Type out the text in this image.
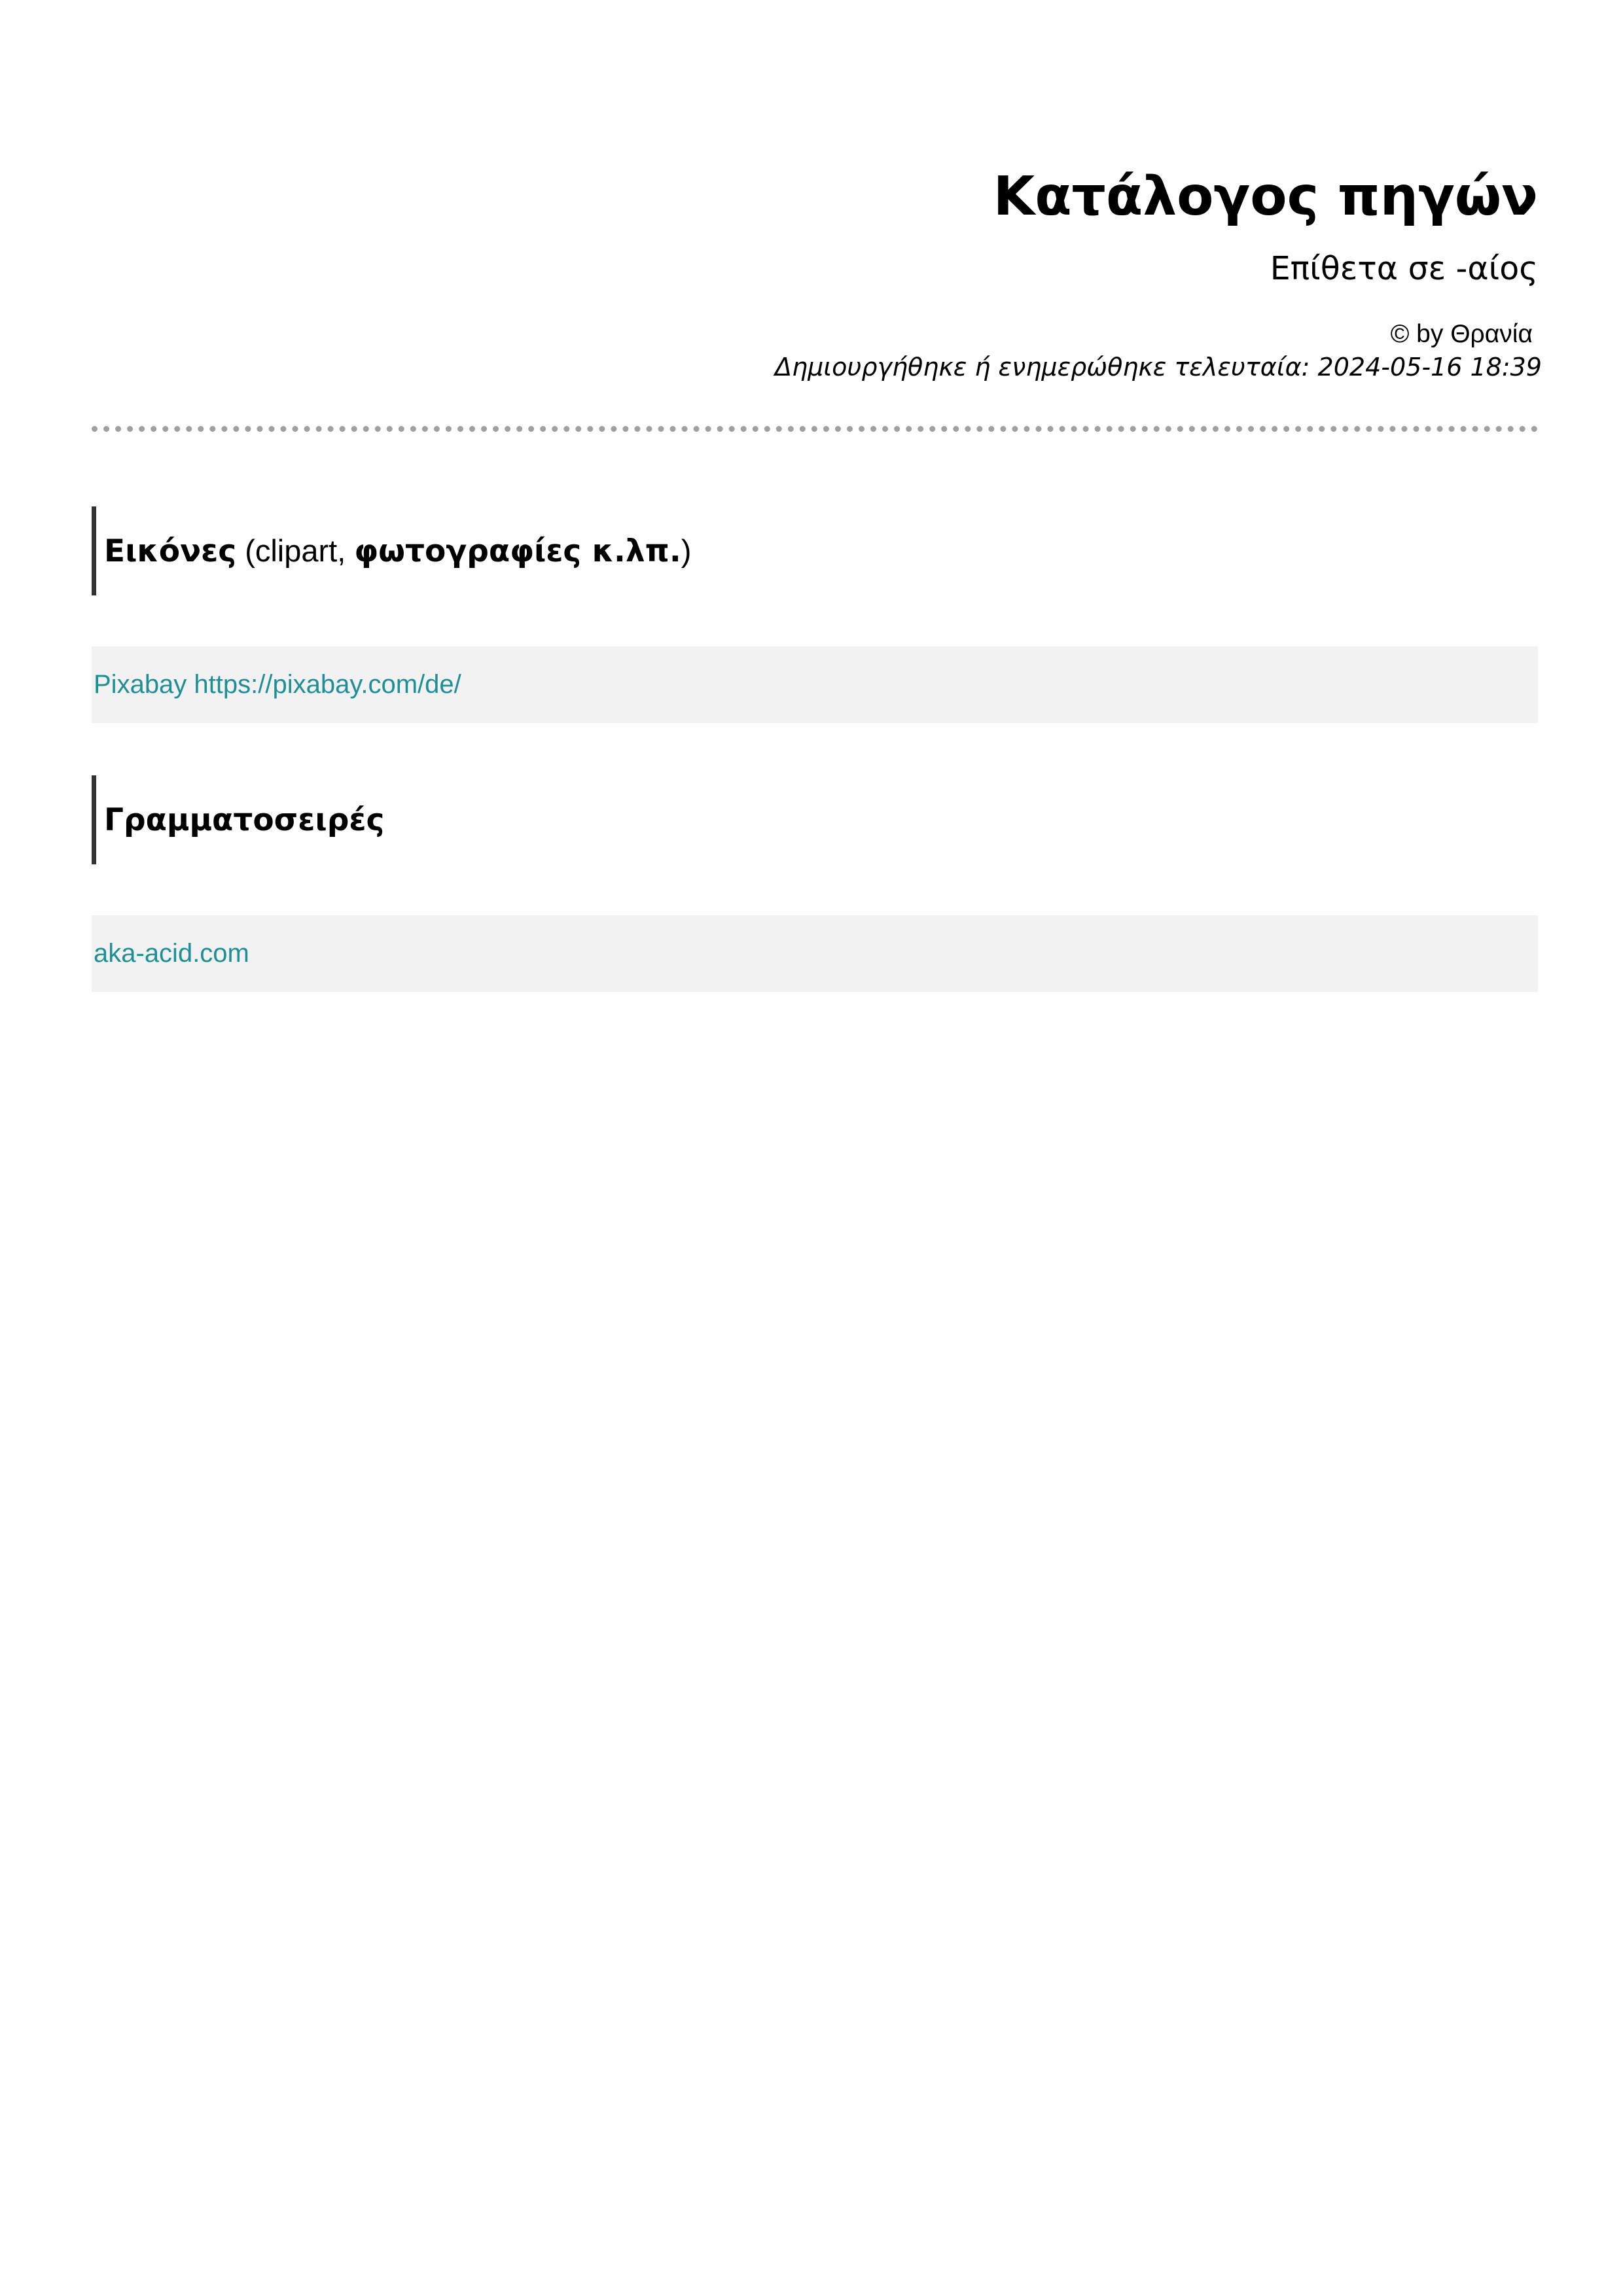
Κατάλογος πηγών
Επίθετα σε -αίος
© by Θρανία
Δημιουργήθηκε ή ενημερώθηκε τελευταία: 2024-05-16 18:39
Εικόνες (clipart, φωτογραφίες κ.λπ.)
Pixabay https://pixabay.com/de/
Γραμματοσειρές
aka-acid.com
